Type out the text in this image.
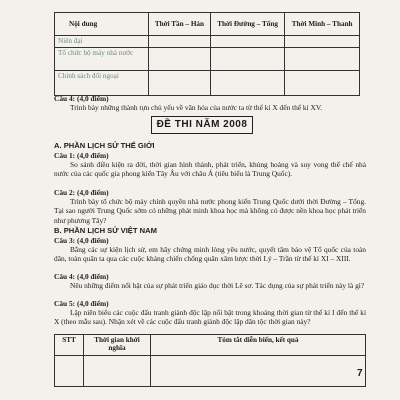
Nội dung	Thời Tần – Hán	Thời Đường – Tống	Thời Minh – Thanh
Niên đại			
Tổ chức bộ máy nhà nước			
Chính sách đối ngoại			
Câu 4: (4,0 điểm)

Trình bày những thành tựu chủ yếu về văn hóa của nước ta từ thế kỉ X đến thế kỉ XV.

ĐỀ THI NĂM 2008
A. PHẦN LỊCH SỬ THẾ GIỚI
Câu 1: (4,0 điểm)

So sánh điều kiện ra đời, thời gian hình thành, phát triển, khủng hoảng và suy vong thể chế nhà nước của các quốc gia phong kiến Tây Âu với châu Á (tiêu biểu là Trung Quốc).

Câu 2: (4,0 điểm)

Trình bày tổ chức bộ máy chính quyền nhà nước phong kiến Trung Quốc dưới thời Đường – Tống. Tại sao người Trung Quốc sớm có những phát minh khoa học mà không có được nền khoa học phát triển như phương Tây?

B. PHẦN LỊCH SỬ VIỆT NAM
Câu 3: (4,0 điểm)

Bằng các sự kiện lịch sử, em hãy chứng minh lòng yêu nước, quyết tâm bảo vệ Tổ quốc của toàn dân, toàn quân ta qua các cuộc kháng chiến chống quân xâm lược thời Lý – Trần từ thế kỉ XI – XIII.

Câu 4: (4,0 điểm)

Nêu những điểm nổi bật của sự phát triển giáo dục thời Lê sơ. Tác dụng của sự phát triển này là gì?

Câu 5: (4,0 điểm)

Lập niên biểu các cuộc đấu tranh giành độc lập nổi bật trong khoảng thời gian từ thế kỉ I đến thế kỉ X (theo mẫu sau). Nhận xét về các cuộc đấu tranh giành độc lập dân tộc thời gian này?

STT	Thời gian khởi nghĩa	Tóm tắt diễn biến, kết quả

7
